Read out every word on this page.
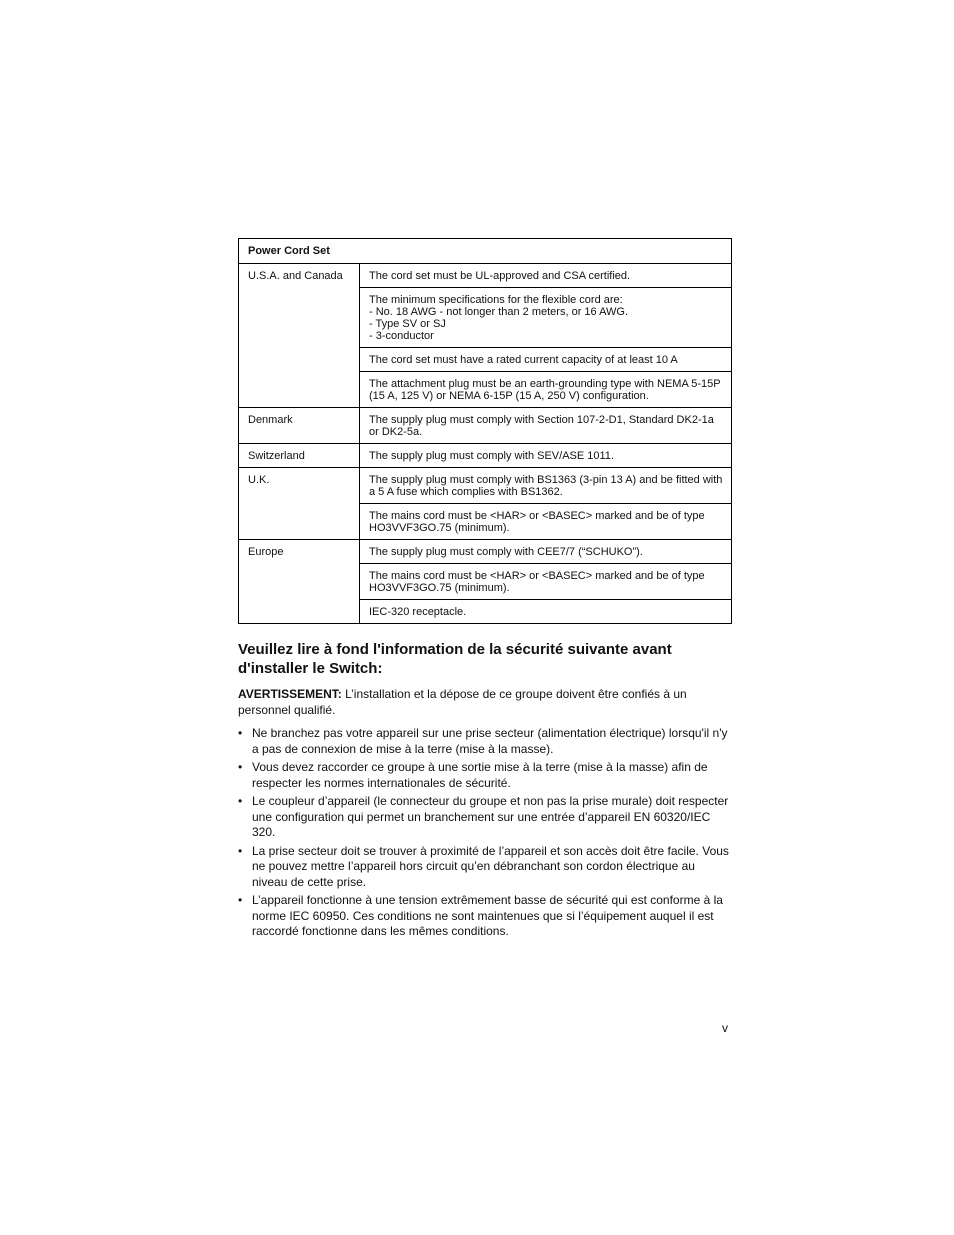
Power Cord Set	
U.S.A. and Canada	The cord set must be UL-approved and CSA certified.
	The minimum specifications for the flexible cord are:
- No. 18 AWG - not longer than 2 meters, or 16 AWG.
- Type SV or SJ
- 3-conductor
	The cord set must have a rated current capacity of at least 10 A
	The attachment plug must be an earth-grounding type with NEMA 5-15P (15 A, 125 V) or NEMA 6-15P (15 A, 250 V) configuration.
Denmark	The supply plug must comply with Section 107-2-D1, Standard DK2-1a or DK2-5a.
Switzerland	The supply plug must comply with SEV/ASE 1011.
U.K.	The supply plug must comply with BS1363 (3-pin 13 A) and be fitted with a 5 A fuse which complies with BS1362.
	The mains cord must be <HAR> or <BASEC> marked and be of type HO3VVF3GO.75 (minimum).
Europe	The supply plug must comply with CEE7/7 (“SCHUKO”).
	The mains cord must be <HAR> or <BASEC> marked and be of type HO3VVF3GO.75 (minimum).
	IEC-320 receptacle.
Veuillez lire à fond l'information de la sécurité suivante avant d'installer le Switch:

AVERTISSEMENT: L’installation et la dépose de ce groupe doivent être confiés à un personnel qualifié.

• Ne branchez pas votre appareil sur une prise secteur (alimentation électrique) lorsqu'il n'y a pas de connexion de mise à la terre (mise à la masse).
• Vous devez raccorder ce groupe à une sortie mise à la terre (mise à la masse) afin de respecter les normes internationales de sécurité.
• Le coupleur d’appareil (le connecteur du groupe et non pas la prise murale) doit respecter une configuration qui permet un branchement sur une entrée d’appareil EN 60320/IEC 320.
• La prise secteur doit se trouver à proximité de l’appareil et son accès doit être facile. Vous ne pouvez mettre l’appareil hors circuit qu’en débranchant son cordon électrique au niveau de cette prise.
• L’appareil fonctionne à une tension extrêmement basse de sécurité qui est conforme à la norme IEC 60950. Ces conditions ne sont maintenues que si l’équipement auquel il est raccordé fonctionne dans les mêmes conditions.
v
